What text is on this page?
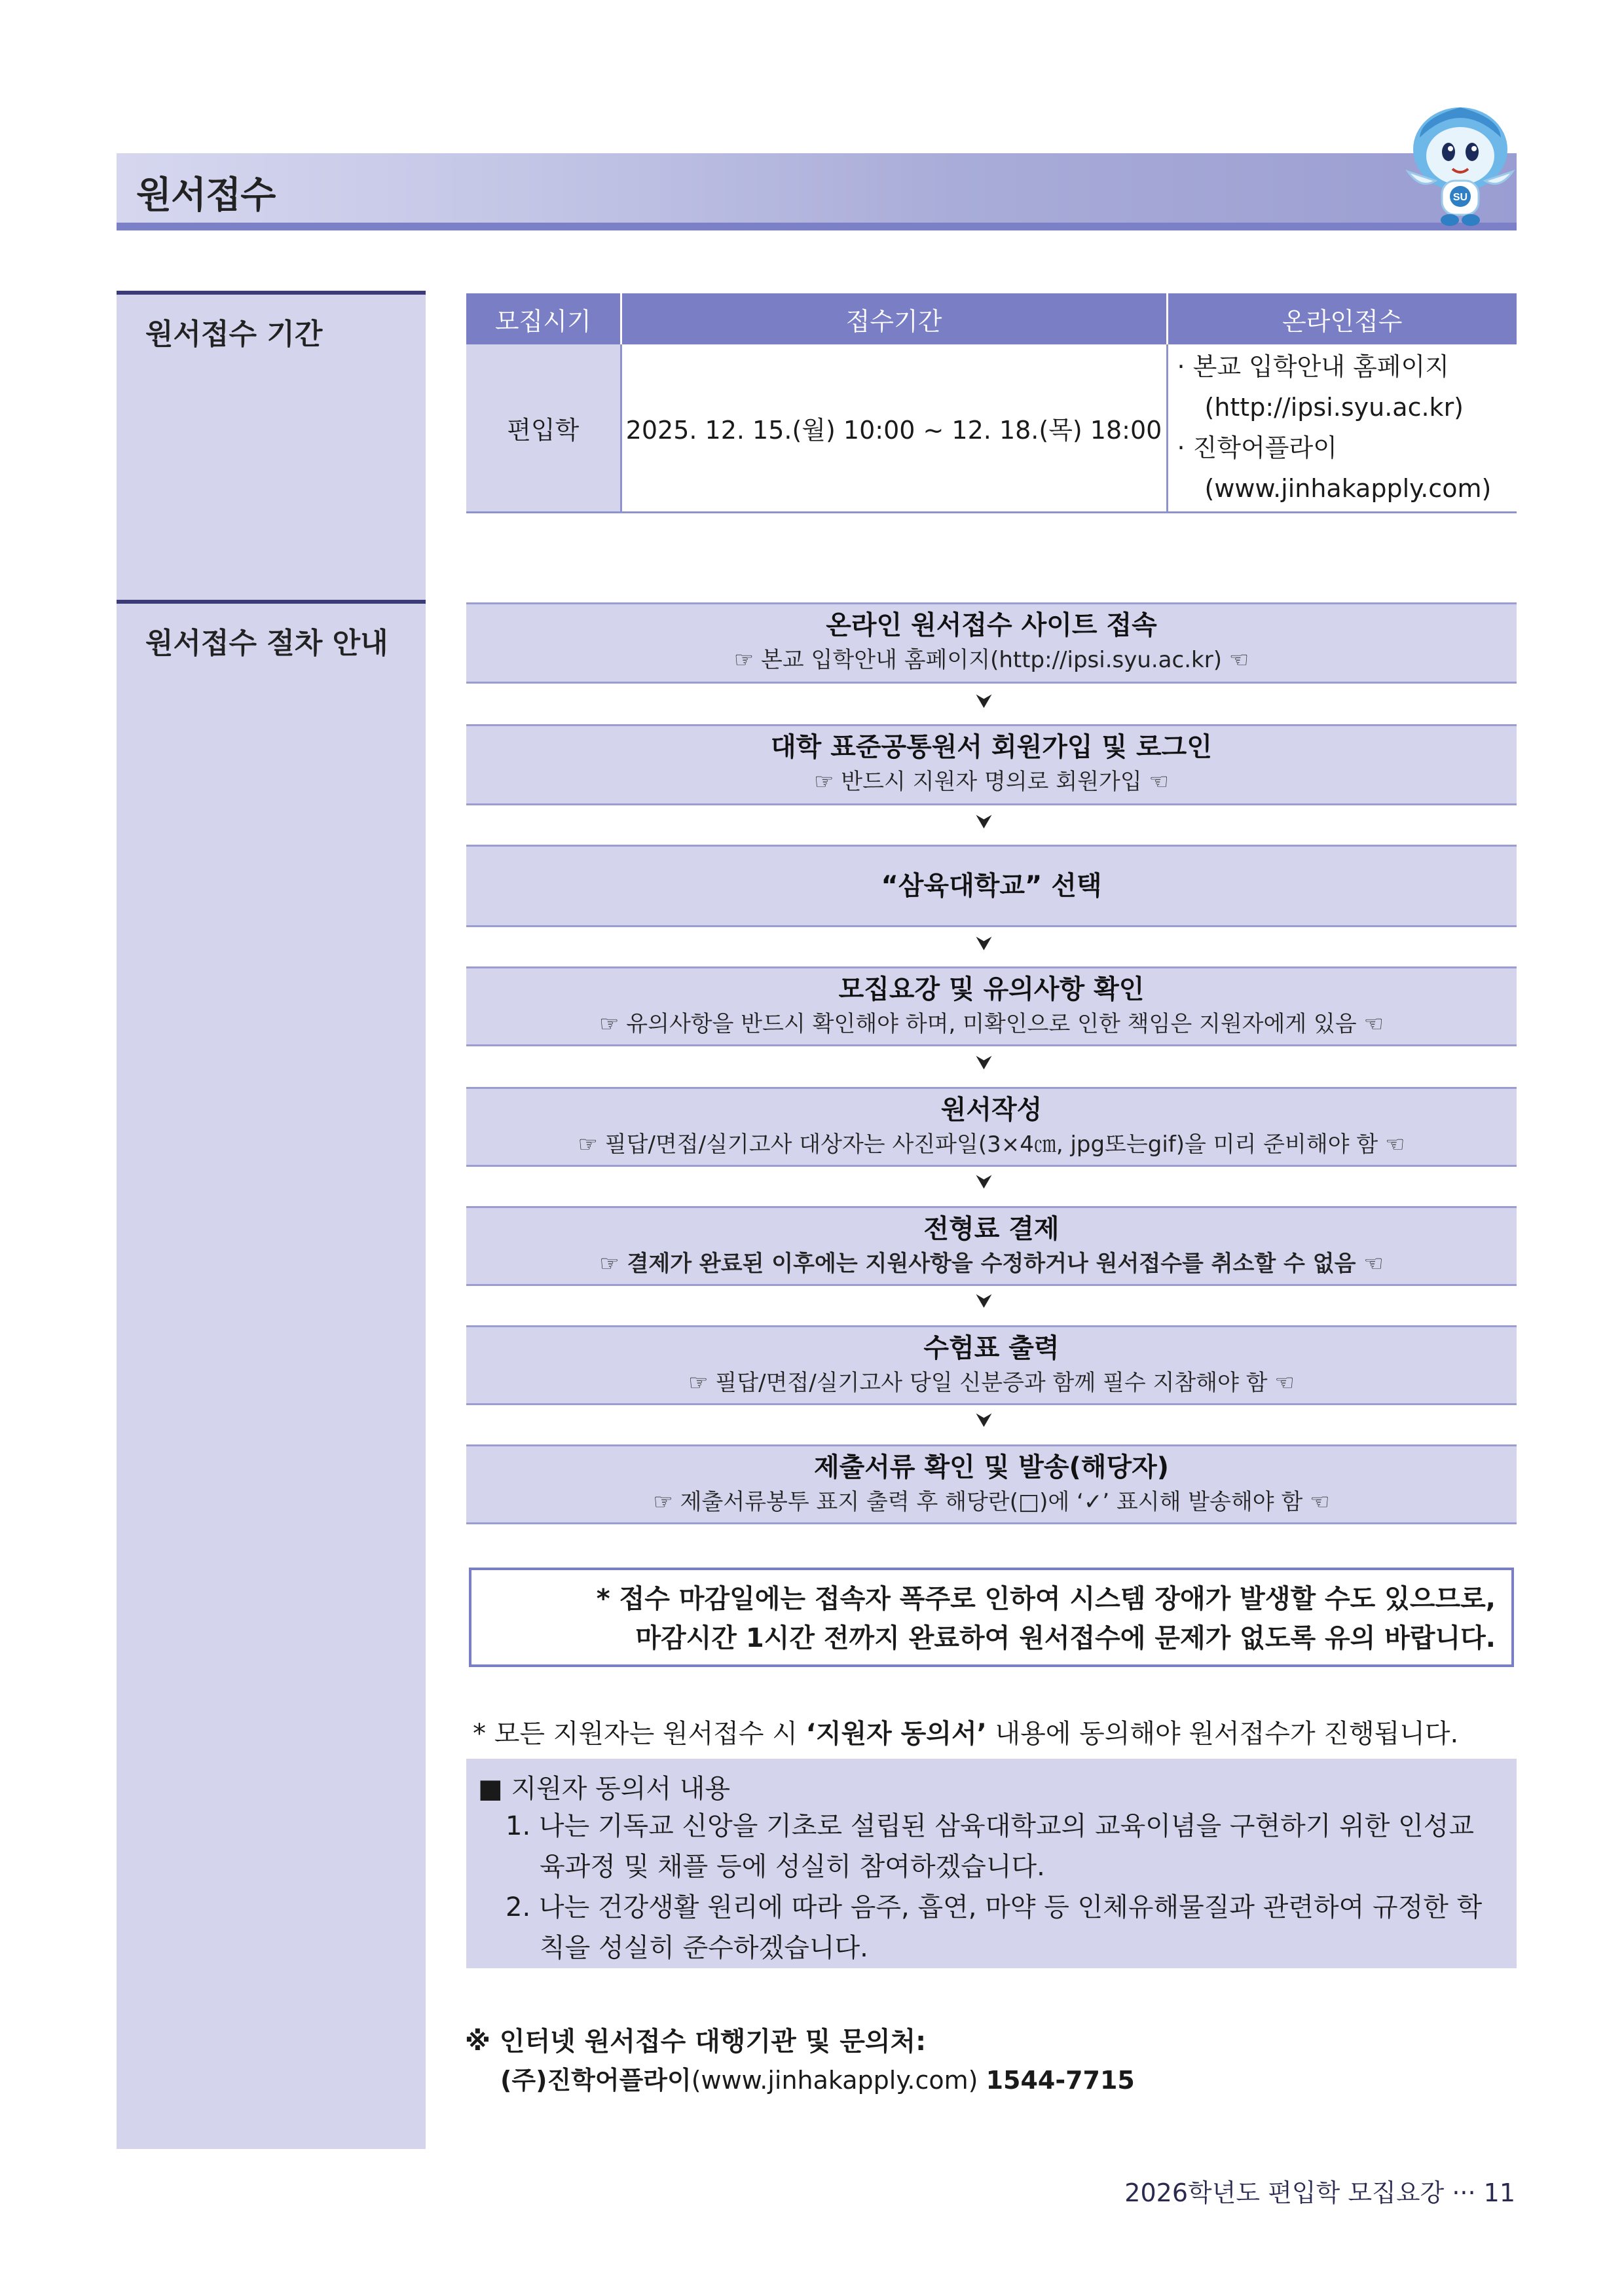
원서접수	SU
원서접수 기간
원서접수 절차 안내
모집시기	접수기간	온라인접수
편입학	2025. 12. 15.(월) 10:00 ~ 12. 18.(목) 18:00	· 본교 입학안내 홈페이지
(http://ipsi.syu.ac.kr)
· 진학어플라이
(www.jinhakapply.com)
온라인 원서접수 사이트 접속
☞ 본교 입학안내 홈페이지(http://ipsi.syu.ac.kr) ☜
⮟
대학 표준공통원서 회원가입 및 로그인
☞ 반드시 지원자 명의로 회원가입 ☜
⮟
“삼육대학교” 선택
⮟
모집요강 및 유의사항 확인
☞ 유의사항을 반드시 확인해야 하며, 미확인으로 인한 책임은 지원자에게 있음 ☜
⮟
원서작성
☞ 필답/면접/실기고사 대상자는 사진파일(3×4㎝, jpg또는gif)을 미리 준비해야 함 ☜
⮟
전형료 결제
☞ 결제가 완료된 이후에는 지원사항을 수정하거나 원서접수를 취소할 수 없음 ☜
⮟
수험표 출력
☞ 필답/면접/실기고사 당일 신분증과 함께 필수 지참해야 함 ☜
⮟
제출서류 확인 및 발송(해당자)
☞ 제출서류봉투 표지 출력 후 해당란(□)에 ‘✓’ 표시해 발송해야 함 ☜
* 접수 마감일에는 접속자 폭주로 인하여 시스템 장애가 발생할 수도 있으므로,
마감시간 1시간 전까지 완료하여 원서접수에 문제가 없도록 유의 바랍니다.
* 모든 지원자는 원서접수 시 ‘지원자 동의서’ 내용에 동의해야 원서접수가 진행됩니다.
■ 지원자 동의서 내용
1. 나는 기독교 신앙을 기초로 설립된 삼육대학교의 교육이념을 구현하기 위한 인성교
육과정 및 채플 등에 성실히 참여하겠습니다.
2. 나는 건강생활 원리에 따라 음주, 흡연, 마약 등 인체유해물질과 관련하여 규정한 학
칙을 성실히 준수하겠습니다.
※ 인터넷 원서접수 대행기관 및 문의처:
(주)진학어플라이(www.jinhakapply.com) 1544-7715
2026학년도 편입학 모집요강 ··· 11
